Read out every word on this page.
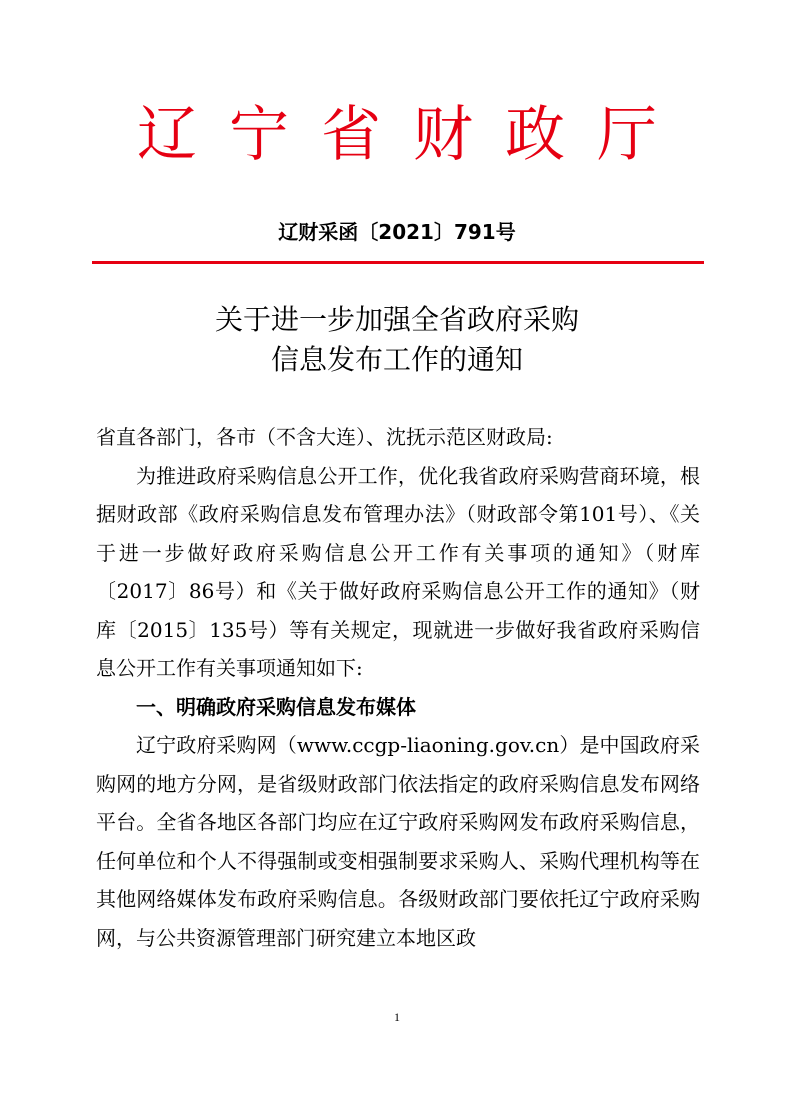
辽宁省财政厅
辽财采函〔2021〕791号
关于进一步加强全省政府采购
信息发布工作的通知

省直各部门，各市（不含大连）、沈抚示范区财政局:

为推进政府采购信息公开工作，优化我省政府采购营商环境，根据财政部《政府采购信息发布管理办法》（财政部令第101号）、《关于进一步做好政府采购信息公开工作有关事项的通知》（财库〔2017〕86号）和《关于做好政府采购信息公开工作的通知》（财库〔2015〕135号）等有关规定，现就进一步做好我省政府采购信息公开工作有关事项通知如下:

一、明确政府采购信息发布媒体

辽宁政府采购网（www.ccgp-liaoning.gov.cn）是中国政府采购网的地方分网，是省级财政部门依法指定的政府采购信息发布网络平台。全省各地区各部门均应在辽宁政府采购网发布政府采购信息，任何单位和个人不得强制或变相强制要求采购人、采购代理机构等在其他网络媒体发布政府采购信息。各级财政部门要依托辽宁政府采购网，与公共资源管理部门研究建立本地区政

1
